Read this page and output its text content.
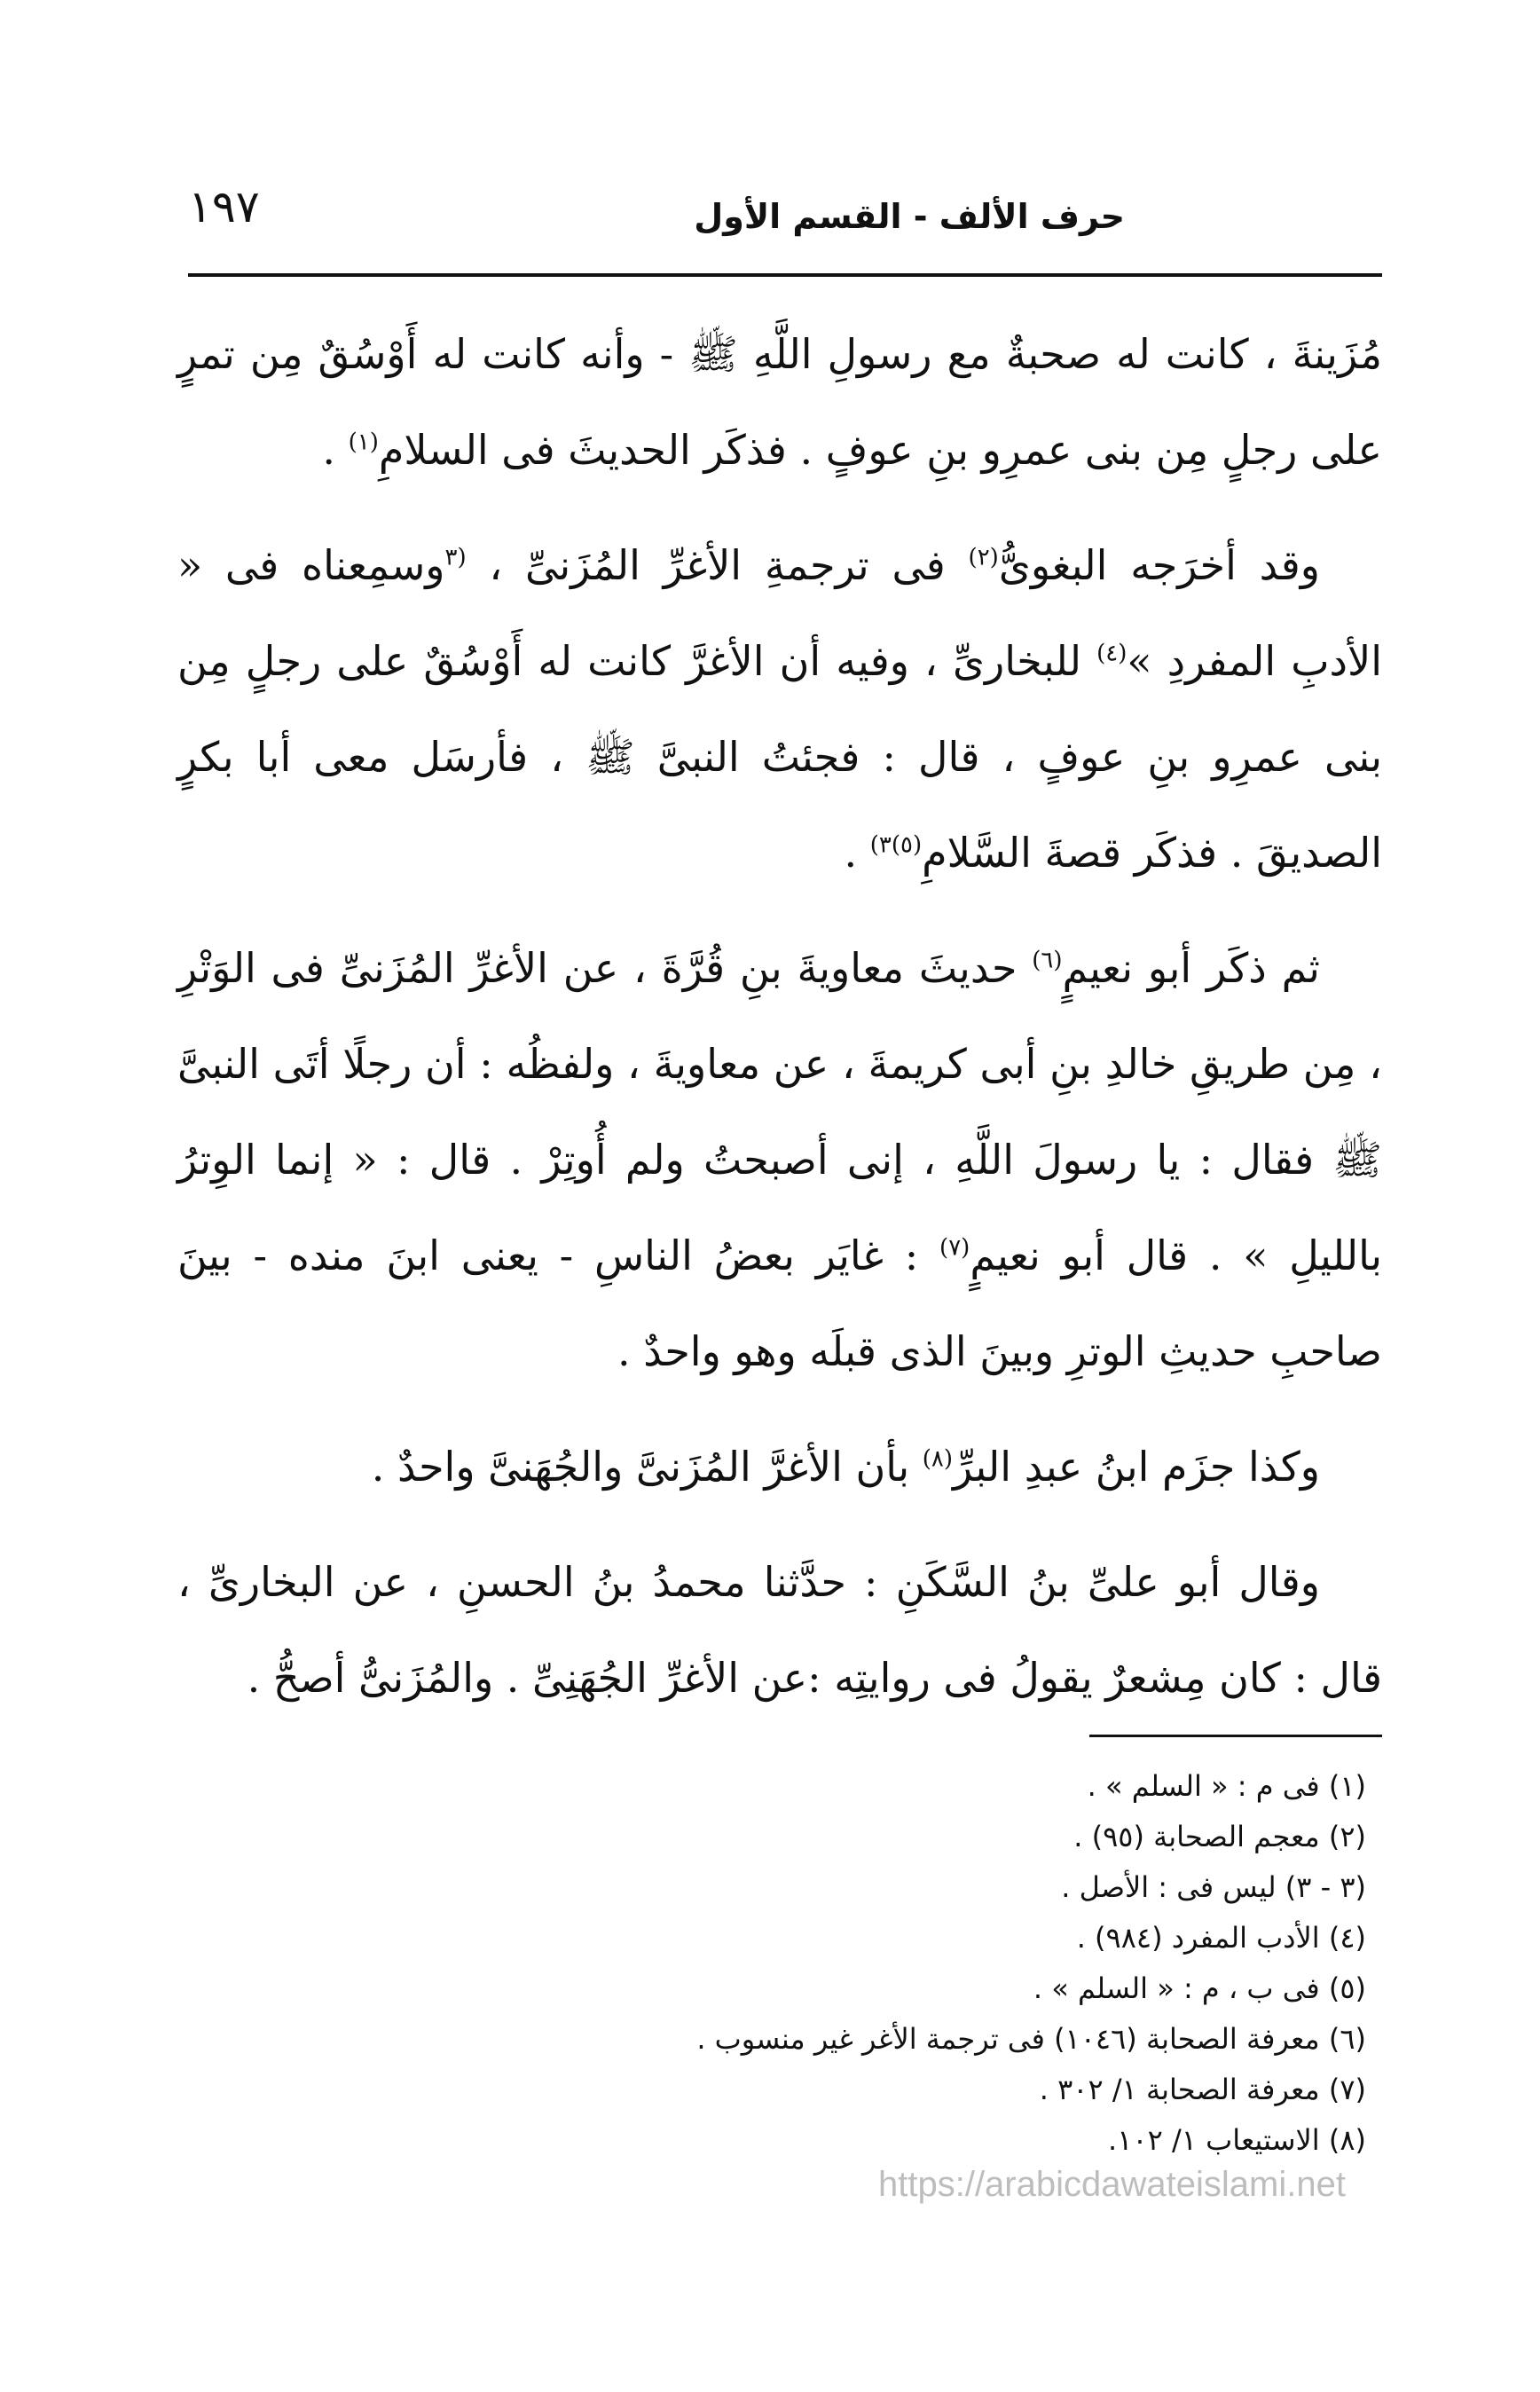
حرف الألف - القسم الأول
١٩٧

مُزَينةَ ، كانت له صحبةٌ مع رسولِ اللَّهِ ﷺ - وأنه كانت له أَوْسُقٌ مِن تمرٍ على رجلٍ مِن بنى عمرِو بنِ عوفٍ . فذكَر الحديثَ فى السلامِ$^{(١)}$ .

وقد أخرَجه البغوىُّ$^{(٢)}$ فى ترجمةِ الأغرِّ المُزَنىِّ ، $^{(٣}$وسمِعناه فى « الأدبِ المفردِ »$^{(٤)}$ للبخارىِّ ، وفيه أن الأغرَّ كانت له أَوْسُقٌ على رجلٍ مِن بنى عمرِو بنِ عوفٍ ، قال : فجئتُ النبىَّ ﷺ ، فأرسَل معى أبا بكرٍ الصديقَ . فذكَر قصةَ السَّلامِ$^{(٥)٣)}$ .

ثم ذكَر أبو نعيمٍ$^{(٦)}$ حديثَ معاويةَ بنِ قُرَّةَ ، عن الأغرِّ المُزَنىِّ فى الوَتْرِ ، مِن طريقِ خالدِ بنِ أبى كريمةَ ، عن معاويةَ ، ولفظُه : أن رجلًا أتَى النبىَّ ﷺ فقال : يا رسولَ اللَّهِ ، إنى أصبحتُ ولم أُوتِرْ . قال : « إنما الوِترُ بالليلِ » . قال أبو نعيمٍ$^{(٧)}$ : غايَر بعضُ الناسِ - يعنى ابنَ منده - بينَ صاحبِ حديثِ الوترِ وبينَ الذى قبلَه وهو واحدٌ .

وكذا جزَم ابنُ عبدِ البرِّ$^{(٨)}$ بأن الأغرَّ المُزَنىَّ والجُهَنىَّ واحدٌ .

وقال أبو علىِّ بنُ السَّكَنِ : حدَّثنا محمدُ بنُ الحسنِ ، عن البخارىِّ ، قال : كان مِشعرٌ يقولُ فى روايتِه :عن الأغرِّ الجُهَنِىِّ . والمُزَنىُّ أصحُّ .

(١) فى م : « السلم » .
(٢) معجم الصحابة (٩٥) .
(٣ - ٣) ليس فى : الأصل .
(٤) الأدب المفرد (٩٨٤) .
(٥) فى ب ، م : « السلم » .
(٦) معرفة الصحابة (١٠٤٦) فى ترجمة الأغر غير منسوب .
(٧) معرفة الصحابة ١/ ٣٠٢ .
(٨) الاستيعاب ١/ ١٠٢.
https://arabicdawateislami.net
